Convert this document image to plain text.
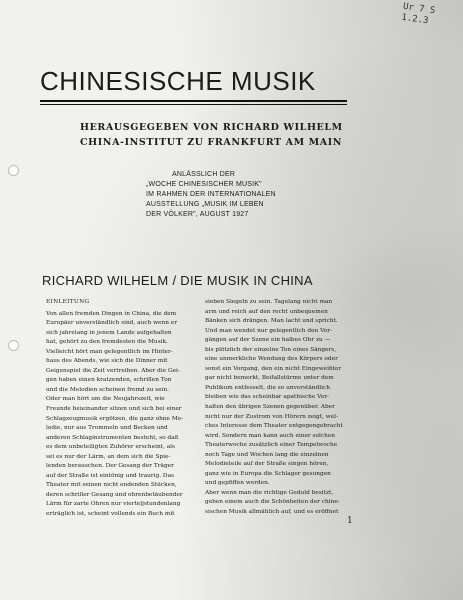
Ur 7 S
1.2.3
CHINESISCHE MUSIK
HERAUSGEGEBEN VON RICHARD WILHELM
CHINA-INSTITUT ZU FRANKFURT AM MAIN
ANLÄSSLICH DER
„WOCHE CHINESISCHER MUSIK"
IM RAHMEN DER INTERNATIONALEN
AUSSTELLUNG „MUSIK IM LEBEN
DER VÖLKER", AUGUST 1927
RICHARD WILHELM / DIE MUSIK IN CHINA
EINLEITUNG
Von allen fremden Dingen in China, die dem
Europäer unverständlich sind, auch wenn er
sich jahrelang in jenem Lande aufgehalten
hat, gehört zu den fremdesten die Musik.
Vielleicht hört man gelegentlich im Hinter-
haus des Abends, wie sich die Dinner mit
Geigenspiel die Zeit vertreiben. Aber die Gei-
gen haben einen kratzenden, schrillen Ton
und die Melodien scheinen fremd zu sein.
Oder man hört um die Neujahrszeit, wie
Freunde beieinander sitzen und sich bei einer
Schlagzeugmusik ergötzen, die ganz ohne Me-
lodie, nur aus Trommeln und Becken und
anderen Schlaginstrumenten besteht, so daß
es dem unbeteiligten Zuhörer erscheint, als
sei es nur der Lärm, an dem sich die Spie-
lenden berauschen. Der Gesang der Träger
auf der Straße ist eintönig und traurig. Das
Theater mit seinen nicht endenden Stücken,
deren schriller Gesang und ohrenbetäubender
Lärm für zarte Ohren nur vierteljstundenlang
erträglich ist, scheint vollends ein Buch mit
sieben Siegeln zu sein. Tagelang nicht man
arm und reich auf den recht unbequemen
Bänken sich drängen. Man lacht und spricht.
Und man wendet nur gelegentlich den Vor-
gängen auf der Szene ein halbes Ohr zu —
bis plötzlich der einzelne Ton eines Sängers,
eine unmerkliche Wendung des Körpers oder
sonst ein Vorgang, den ein nicht Eingeweihter
gar nicht bemerkt, Beifallstürme unter dem
Publikum entfesselt, die so unverständlich
bleiben wie das scheinbar apathische Ver-
halten den übrigen Szenen gegenüber. Aber
nicht nur der Zustrom von Hörern zeigt, wel-
ches Interesse dem Theater entgegengebracht
wird. Sondern man kann auch einer solchen
Theaterwoche zusätzlich einer Tempelwoche
noch Tage und Wochen lang die einzelnen
Melodieteile auf der Straße singen hören,
ganz wie in Europa die Schlager gesungen
und gepfiffen werden.
Aber wenn man die richtige Geduld besitzt,
geben einem auch die Schönheiten der chine-
sischen Musik allmählich auf, und es eröffnet
1
